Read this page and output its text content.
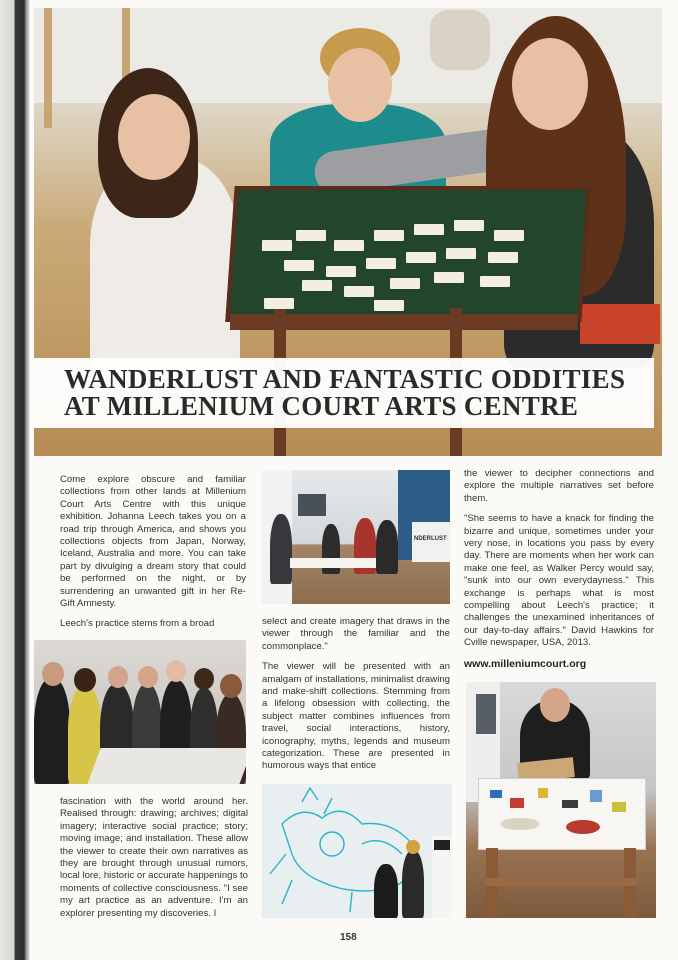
WANDERLUST AND FANTASTIC ODDITIES
AT MILLENIUM COURT ARTS CENTRE

Come explore obscure and familiar collections from other lands at Millenium Court Arts Centre with this unique exhibition. Johanna Leech takes you on a road trip through America, and shows you collections objects from Japan, Norway, Iceland, Australia and more. You can take part by divulging a dream story that could be performed on the night, or by surrendering an unwanted gift in her Re-Gift Amnesty.

Leech's practice stems from a broad

fascination with the world around her. Realised through: drawing; archives; digital imagery; interactive social practice; story; moving image; and installation. These allow the viewer to create their own narratives as they are brought through unusual rumors, local lore, historic or accurate happenings to moments of collective consciousness. "I see my art practice as an adventure. I'm an explorer presenting my discoveries. I

NDERLUST

select and create imagery that draws in the viewer through the familiar and the commonplace."

The viewer will be presented with an amalgam of installations, minimalist drawing and make-shift collections. Stemming from a lifelong obsession with collecting, the subject matter combines influences from travel, social interactions, history, iconography, myths, legends and museum categorization. These are presented in humorous ways that entice

the viewer to decipher connections and explore the multiple narratives set before them.

"She seems to have a knack for finding the bizarre and unique, sometimes under your very nose, in locations you pass by every day. There are moments when her work can make one feel, as Walker Percy would say, "sunk into our own everydayness." This exchange is perhaps what is most compelling about Leech's practice; it challenges the unexamined inheritances of our day-to-day affairs." David Hawkins for Cville newspaper, USA, 2013.

www.milleniumcourt.org

158
